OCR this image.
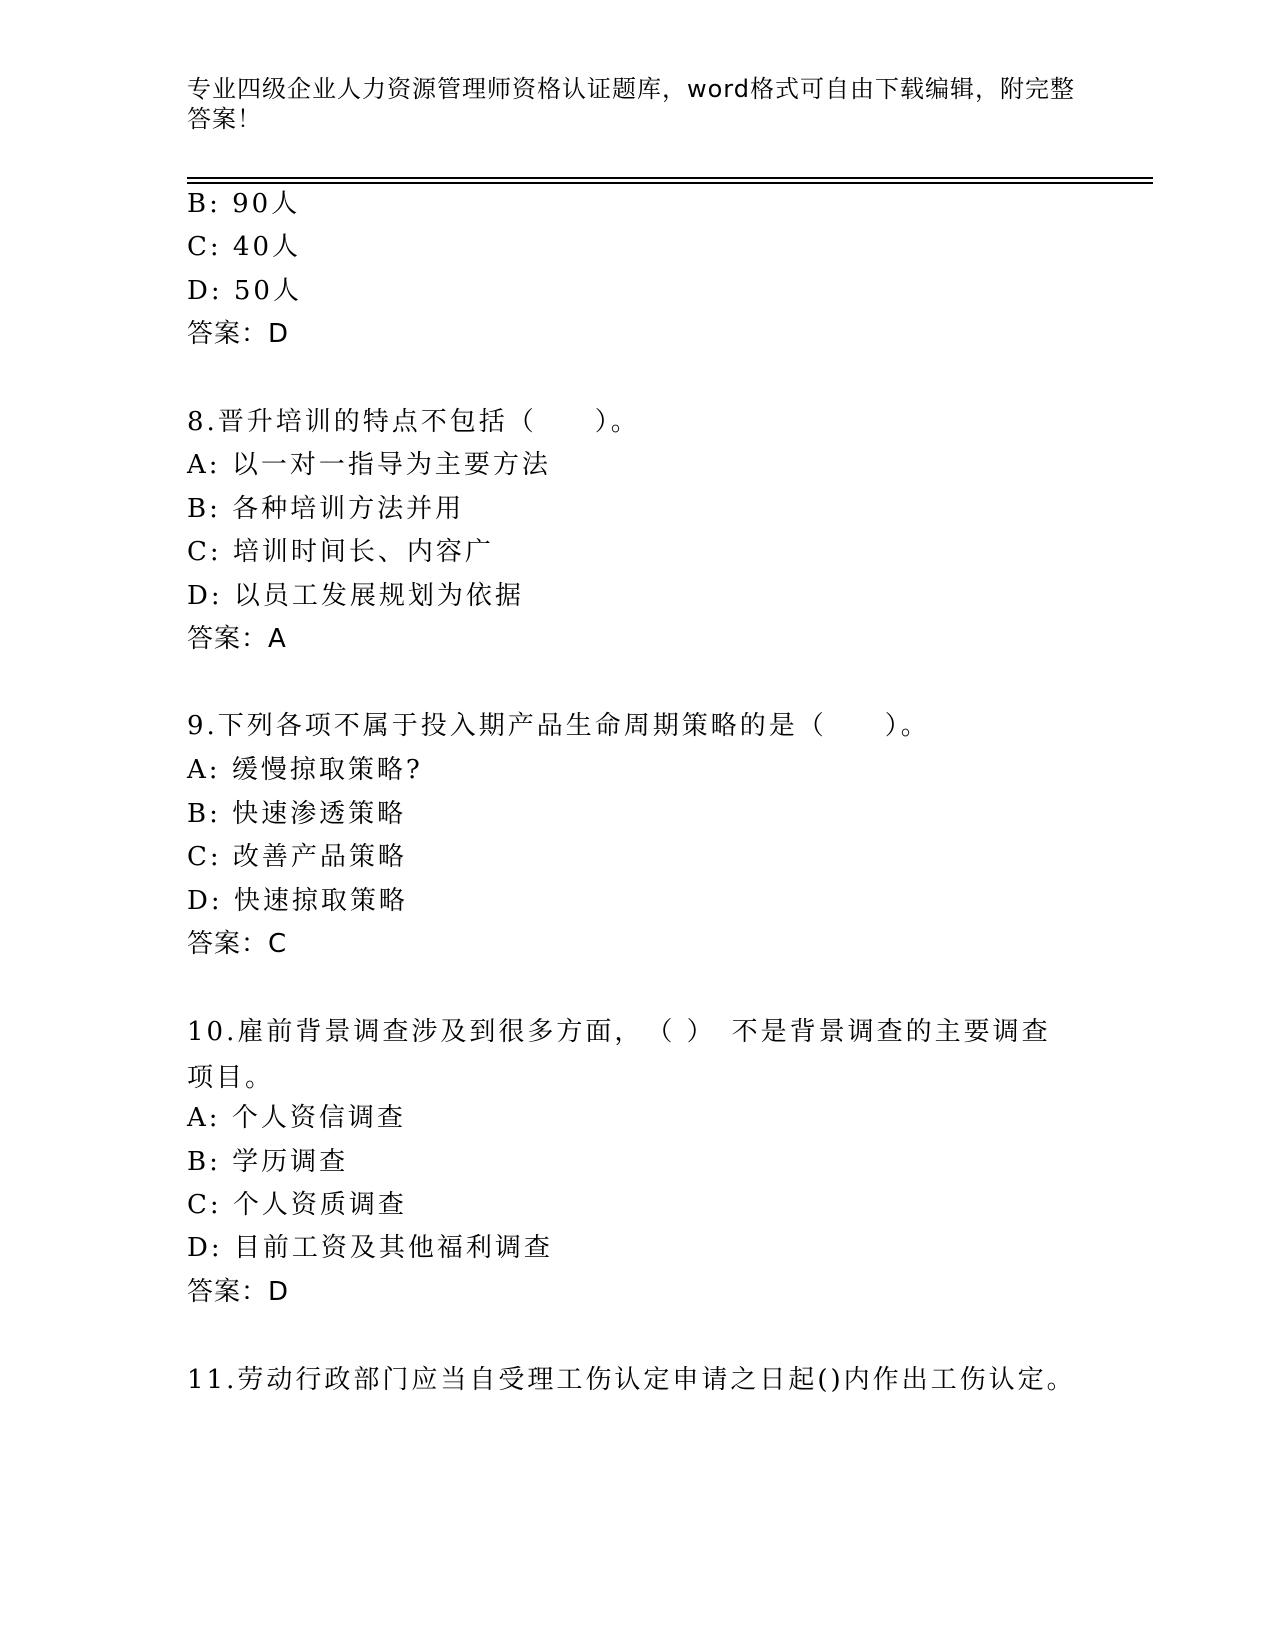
专业四级企业人力资源管理师资格认证题库，word格式可自由下载编辑，附完整答案！
B: 90人
C: 40人
D: 50人
答案：D
8.晋升培训的特点不包括（　　）。
A: 以一对一指导为主要方法
B: 各种培训方法并用
C: 培训时间长、内容广
D: 以员工发展规划为依据
答案：A
9.下列各项不属于投入期产品生命周期策略的是（　　）。
A: 缓慢掠取策略?
B: 快速渗透策略
C: 改善产品策略
D: 快速掠取策略
答案：C
10.雇前背景调查涉及到很多方面，　（ ）　不是背景调查的主要调查项目。
A: 个人资信调查
B: 学历调查
C: 个人资质调查
D: 目前工资及其他福利调查
答案：D
11.劳动行政部门应当自受理工伤认定申请之日起()内作出工伤认定。
